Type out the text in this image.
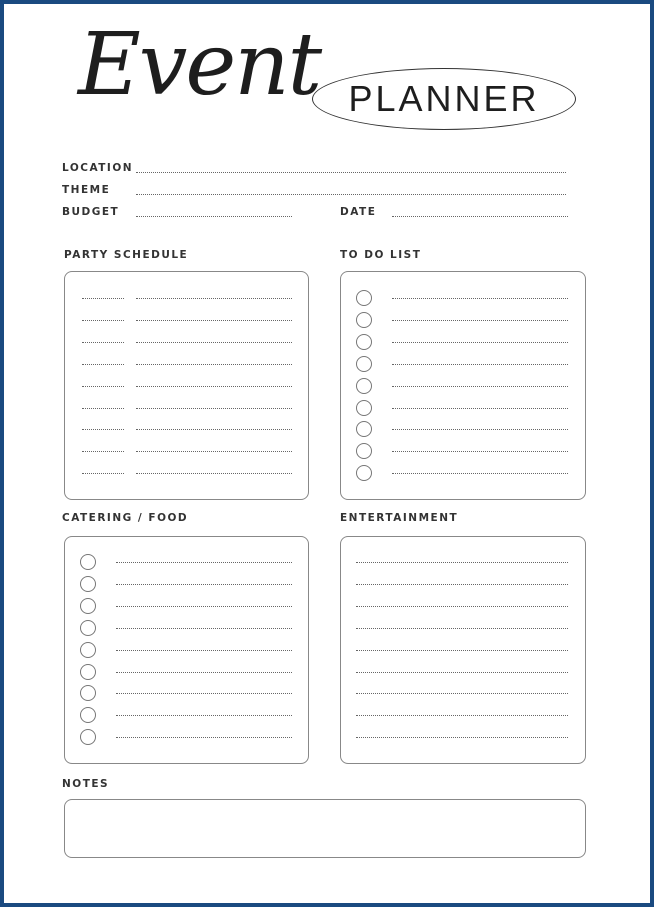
Event PLANNER
LOCATION
THEME
BUDGET	DATE
PARTY SCHEDULE	TO DO LIST
CATERING / FOOD	ENTERTAINMENT
NOTES
